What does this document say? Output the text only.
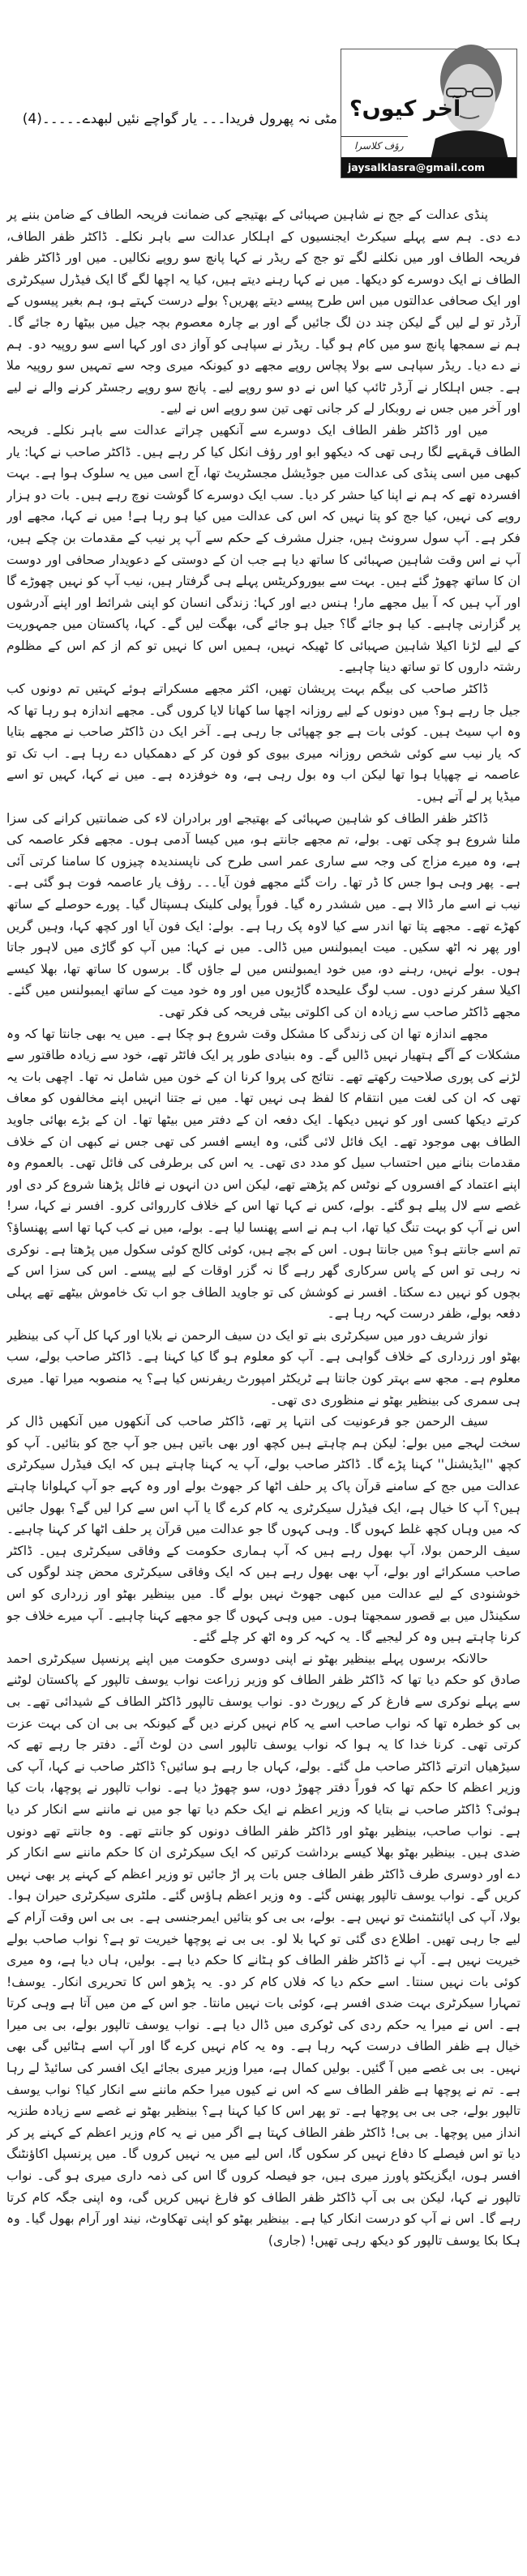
آخر کیوں؟
رؤف کلاسرا
jaysalklasra@gmail.com
مٹی نہ پھرول فریدا۔۔۔ یار گواچے نئیں لبھدے۔۔۔۔۔(4)

پنڈی عدالت کے جج نے شاہین صہبائی کے بھتیجے کی ضمانت فریحہ الطاف کے ضامن بننے پر دے دی۔ ہم سے پہلے سیکرٹ ایجنسیوں کے اہلکار عدالت سے باہر نکلے۔ ڈاکٹر ظفر الطاف، فریحہ الطاف اور میں نکلنے لگے تو جج کے ریڈر نے کہا پانچ سو روپے نکالیں۔ میں اور ڈاکٹر ظفر الطاف نے ایک دوسرے کو دیکھا۔ میں نے کہا رہنے دیتے ہیں، کیا یہ اچھا لگے گا ایک فیڈرل سیکرٹری اور ایک صحافی عدالتوں میں اس طرح پیسے دیتے پھریں؟ بولے درست کہتے ہو، ہم بغیر پیسوں کے آرڈر تو لے لیں گے لیکن چند دن لگ جائیں گے اور بے چارہ معصوم بچہ جیل میں بیٹھا رہ جائے گا۔ ہم نے سمجھا پانچ سو میں کام ہو گیا۔ ریڈر نے سپاہی کو آواز دی اور کہا اسے سو روپیہ دو۔ ہم نے دے دیا۔ ریڈر سپاہی سے بولا پچاس روپے مجھے دو کیونکہ میری وجہ سے تمہیں سو روپیہ ملا ہے۔ جس اہلکار نے آرڈر ٹائپ کیا اس نے دو سو روپے لیے۔ پانچ سو روپے رجسٹر کرنے والے نے لیے اور آخر میں جس نے روبکار لے کر جانی تھی تین سو روپے اس نے لیے۔

میں اور ڈاکٹر ظفر الطاف ایک دوسرے سے آنکھیں چراتے عدالت سے باہر نکلے۔ فریحہ الطاف قہقہے لگا رہی تھی کہ دیکھو ابو اور رؤف انکل کیا کر رہے ہیں۔ ڈاکٹر صاحب نے کہا: یار کبھی میں اسی پنڈی کی عدالت میں جوڈیشل مجسٹریٹ تھا، آج اسی میں یہ سلوک ہوا ہے۔ بہت افسردہ تھے کہ ہم نے اپنا کیا حشر کر دیا۔ سب ایک دوسرے کا گوشت نوچ رہے ہیں۔ بات دو ہزار روپے کی نہیں، کیا جج کو پتا نہیں کہ اس کی عدالت میں کیا ہو رہا ہے! میں نے کہا، مجھے اور فکر ہے۔ آپ سول سرونٹ ہیں، جنرل مشرف کے حکم سے آپ پر نیب کے مقدمات بن چکے ہیں، آپ نے اس وقت شاہین صہبائی کا ساتھ دیا ہے جب ان کے دوستی کے دعویدار صحافی اور دوست ان کا ساتھ چھوڑ گئے ہیں۔ بہت سے بیوروکریٹس پہلے ہی گرفتار ہیں، نیب آپ کو نہیں چھوڑے گا اور آپ ہیں کہ آ بیل مجھے مار! ہنس دیے اور کہا: زندگی انسان کو اپنی شرائط اور اپنے آدرشوں پر گزارنی چاہیے۔ کیا ہو جائے گا؟ جیل ہو جائے گی، بھگت لیں گے۔ کہا، پاکستان میں جمہوریت کے لیے لڑنا اکیلا شاہین صہبائی کا ٹھیکہ نہیں، ہمیں اس کا نہیں تو کم از کم اس کے مظلوم رشتہ داروں کا تو ساتھ دینا چاہیے۔

ڈاکٹر صاحب کی بیگم بہت پریشان تھیں، اکثر مجھے مسکراتے ہوئے کہتیں تم دونوں کب جیل جا رہے ہو؟ میں دونوں کے لیے روزانہ اچھا سا کھانا لایا کروں گی۔ مجھے اندازہ ہو رہا تھا کہ وہ اپ سیٹ ہیں۔ کوئی بات ہے جو چھپائی جا رہی ہے۔ آخر ایک دن ڈاکٹر صاحب نے مجھے بتایا کہ یار نیب سے کوئی شخص روزانہ میری بیوی کو فون کر کے دھمکیاں دے رہا ہے۔ اب تک تو عاصمہ نے چھپایا ہوا تھا لیکن اب وہ بول رہی ہے، وہ خوفزدہ ہے۔ میں نے کہا، کہیں تو اسے میڈیا پر لے آتے ہیں۔

ڈاکٹر ظفر الطاف کو شاہین صہبائی کے بھتیجے اور برادران لاء کی ضمانتیں کرانے کی سزا ملنا شروع ہو چکی تھی۔ بولے، تم مجھے جانتے ہو، میں کیسا آدمی ہوں۔ مجھے فکر عاصمہ کی ہے، وہ میرے مزاج کی وجہ سے ساری عمر اسی طرح کی ناپسندیدہ چیزوں کا سامنا کرتی آئی ہے۔ پھر وہی ہوا جس کا ڈر تھا۔ رات گئے مجھے فون آیا۔۔۔ رؤف یار عاصمہ فوت ہو گئی ہے۔ نیب نے اسے مار ڈالا ہے۔ میں ششدر رہ گیا۔ فوراً پولی کلینک ہسپتال گیا۔ پورے حوصلے کے ساتھ کھڑے تھے۔ مجھے پتا تھا اندر سے کیا لاوہ پک رہا ہے۔ بولے: ایک فون آیا اور کچھ کہا، وہیں گریں اور پھر نہ اٹھ سکیں۔ میت ایمبولنس میں ڈالی۔ میں نے کہا: میں آپ کو گاڑی میں لاہور جاتا ہوں۔ بولے نہیں، رہنے دو، میں خود ایمبولنس میں لے جاؤں گا۔ برسوں کا ساتھ تھا، بھلا کیسے اکیلا سفر کرنے دوں۔ سب لوگ علیحدہ گاڑیوں میں اور وہ خود میت کے ساتھ ایمبولنس میں گئے۔ مجھے ڈاکٹر صاحب سے زیادہ ان کی اکلوتی بیٹی فریحہ کی فکر تھی۔

مجھے اندازہ تھا ان کی زندگی کا مشکل وقت شروع ہو چکا ہے۔ میں یہ بھی جانتا تھا کہ وہ مشکلات کے آگے ہتھیار نہیں ڈالیں گے۔ وہ بنیادی طور پر ایک فائٹر تھے، خود سے زیادہ طاقتور سے لڑنے کی پوری صلاحیت رکھتے تھے۔ نتائج کی پروا کرنا ان کے خون میں شامل نہ تھا۔ اچھی بات یہ تھی کہ ان کی لغت میں انتقام کا لفظ ہی نہیں تھا۔ میں نے جتنا انہیں اپنے مخالفوں کو معاف کرتے دیکھا کسی اور کو نہیں دیکھا۔ ایک دفعہ ان کے دفتر میں بیٹھا تھا۔ ان کے بڑے بھائی جاوید الطاف بھی موجود تھے۔ ایک فائل لائی گئی، وہ ایسے افسر کی تھی جس نے کبھی ان کے خلاف مقدمات بنانے میں احتساب سیل کو مدد دی تھی۔ یہ اس کی برطرفی کی فائل تھی۔ بالعموم وہ اپنے اعتماد کے افسروں کے نوٹس کم پڑھتے تھے، لیکن اس دن انہوں نے فائل پڑھنا شروع کر دی اور غصے سے لال پیلے ہو گئے۔ بولے، کس نے کہا تھا اس کے خلاف کارروائی کرو۔ افسر نے کہا، سر! اس نے آپ کو بہت تنگ کیا تھا، اب ہم نے اسے پھنسا لیا ہے۔ بولے، میں نے کب کہا تھا اسے پھنساؤ؟ تم اسے جانتے ہو؟ میں جانتا ہوں۔ اس کے بچے ہیں، کوئی کالج کوئی سکول میں پڑھتا ہے۔ نوکری نہ رہی تو اس کے پاس سرکاری گھر رہے گا نہ گزر اوقات کے لیے پیسے۔ اس کی سزا اس کے بچوں کو نہیں دے سکتا۔ افسر نے کوشش کی تو جاوید الطاف جو اب تک خاموش بیٹھے تھے پہلی دفعہ بولے، ظفر درست کہہ رہا ہے۔

نواز شریف دور میں سیکرٹری بنے تو ایک دن سیف الرحمن نے بلایا اور کہا کل آپ کی بینظیر بھٹو اور زرداری کے خلاف گواہی ہے۔ آپ کو معلوم ہو گا کیا کہنا ہے۔ ڈاکٹر صاحب بولے، سب معلوم ہے۔ مجھ سے بہتر کون جانتا ہے ٹریکٹر امپورٹ ریفرنس کیا ہے؟ یہ منصوبہ میرا تھا۔ میری ہی سمری کی بینظیر بھٹو نے منظوری دی تھی۔

سیف الرحمن جو فرعونیت کی انتہا پر تھے، ڈاکٹر صاحب کی آنکھوں میں آنکھیں ڈال کر سخت لہجے میں بولے: لیکن ہم چاہتے ہیں کچھ اور بھی باتیں ہیں جو آپ جج کو بتائیں۔ آپ کو کچھ ''ایڈیشنل'' کہنا پڑے گا۔ ڈاکٹر صاحب بولے، آپ یہ کہنا چاہتے ہیں کہ ایک فیڈرل سیکرٹری عدالت میں جج کے سامنے قرآن پاک پر حلف اٹھا کر جھوٹ بولے اور وہ کہے جو آپ کہلوانا چاہتے ہیں؟ آپ کا خیال ہے، ایک فیڈرل سیکرٹری یہ کام کرے گا یا آپ اس سے کرا لیں گے؟ بھول جائیں کہ میں وہاں کچھ غلط کہوں گا۔ وہی کہوں گا جو عدالت میں قرآن پر حلف اٹھا کر کہنا چاہیے۔ سیف الرحمن بولا، آپ بھول رہے ہیں کہ آپ ہماری حکومت کے وفاقی سیکرٹری ہیں۔ ڈاکٹر صاحب مسکرائے اور بولے، آپ بھی بھول رہے ہیں کہ ایک وفاقی سیکرٹری محض چند لوگوں کی خوشنودی کے لیے عدالت میں کبھی جھوٹ نہیں بولے گا۔ میں بینظیر بھٹو اور زرداری کو اس سکینڈل میں بے قصور سمجھتا ہوں۔ میں وہی کہوں گا جو مجھے کہنا چاہیے۔ آپ میرے خلاف جو کرنا چاہتے ہیں وہ کر لیجیے گا۔ یہ کہہ کر وہ اٹھ کر چلے گئے۔

حالانکہ برسوں پہلے بینظیر بھٹو نے اپنی دوسری حکومت میں اپنے پرنسپل سیکرٹری احمد صادق کو حکم دیا تھا کہ ڈاکٹر ظفر الطاف کو وزیر زراعت نواب یوسف تالپور کے پاکستان لوٹنے سے پہلے نوکری سے فارغ کر کے رپورٹ دو۔ نواب یوسف تالپور ڈاکٹر الطاف کے شیدائی تھے۔ بی بی کو خطرہ تھا کہ نواب صاحب اسے یہ کام نہیں کرنے دیں گے کیونکہ بی بی ان کی بہت عزت کرتی تھی۔ کرنا خدا کا یہ ہوا کہ نواب یوسف تالپور اسی دن لوٹ آئے۔ دفتر جا رہے تھے کہ سیڑھیاں اترتے ڈاکٹر صاحب مل گئے۔ بولے، کہاں جا رہے ہو سائیں؟ ڈاکٹر صاحب نے کہا، آپ کی وزیر اعظم کا حکم تھا کہ فوراً دفتر چھوڑ دوں، سو چھوڑ دیا ہے۔ نواب تالپور نے پوچھا، بات کیا ہوئی؟ ڈاکٹر صاحب نے بتایا کہ وزیر اعظم نے ایک حکم دیا تھا جو میں نے ماننے سے انکار کر دیا ہے۔ نواب صاحب، بینظیر بھٹو اور ڈاکٹر ظفر الطاف دونوں کو جانتے تھے۔ وہ جانتے تھے دونوں ضدی ہیں۔ بینظیر بھٹو بھلا کیسے برداشت کرتیں کہ ایک سیکرٹری ان کا حکم ماننے سے انکار کر دے اور دوسری طرف ڈاکٹر ظفر الطاف جس بات پر اڑ جائیں تو وزیر اعظم کے کہنے پر بھی نہیں کریں گے۔ نواب یوسف تالپور پھنس گئے۔ وہ وزیر اعظم ہاؤس گئے۔ ملٹری سیکرٹری حیران ہوا۔ بولا، آپ کی اپائنٹمنٹ تو نہیں ہے۔ بولے، بی بی کو بتائیں ایمرجنسی ہے۔ بی بی اس وقت آرام کے لیے جا رہی تھیں۔ اطلاع دی گئی تو کہا بلا لو۔ بی بی نے پوچھا خیریت تو ہے؟ نواب صاحب بولے خیریت نہیں ہے۔ آپ نے ڈاکٹر ظفر الطاف کو ہٹانے کا حکم دیا ہے۔ بولیں، ہاں دیا ہے، وہ میری کوئی بات نہیں سنتا۔ اسے حکم دیا کہ فلاں کام کر دو۔ یہ پڑھو اس کا تحریری انکار۔ یوسف! تمہارا سیکرٹری بہت ضدی افسر ہے، کوئی بات نہیں مانتا۔ جو اس کے من میں آتا ہے وہی کرتا ہے۔ اس نے میرا یہ حکم ردی کی ٹوکری میں ڈال دیا ہے۔ نواب یوسف تالپور بولے، بی بی میرا خیال ہے ظفر الطاف درست کہہ رہا ہے۔ وہ یہ کام نہیں کرے گا اور آپ اسے ہٹائیں گی بھی نہیں۔ بی بی غصے میں آ گئیں۔ بولیں کمال ہے، میرا وزیر میری بجائے ایک افسر کی سائیڈ لے رہا ہے۔ تم نے پوچھا ہے ظفر الطاف سے کہ اس نے کیوں میرا حکم ماننے سے انکار کیا؟ نواب یوسف تالپور بولے، جی بی بی پوچھا ہے۔ تو پھر اس کا کیا کہنا ہے؟ بینظیر بھٹو نے غصے سے زیادہ طنزیہ انداز میں پوچھا۔ بی بی! ڈاکٹر ظفر الطاف کہتا ہے اگر میں نے یہ کام وزیر اعظم کے کہنے پر کر دیا تو اس فیصلے کا دفاع نہیں کر سکوں گا، اس لیے میں یہ نہیں کروں گا۔ میں پرنسپل اکاؤنٹنگ افسر ہوں، ایگزیکٹو پاورز میری ہیں، جو فیصلہ کروں گا اس کی ذمہ داری میری ہو گی۔ نواب تالپور نے کہا، لیکن بی بی آپ ڈاکٹر ظفر الطاف کو فارغ نہیں کریں گی، وہ اپنی جگہ کام کرتا رہے گا۔ اس نے آپ کو درست انکار کیا ہے۔ بینظیر بھٹو کو اپنی تھکاوٹ، نیند اور آرام بھول گیا۔ وہ ہکا بکا یوسف تالپور کو دیکھ رہی تھیں! (جاری)
